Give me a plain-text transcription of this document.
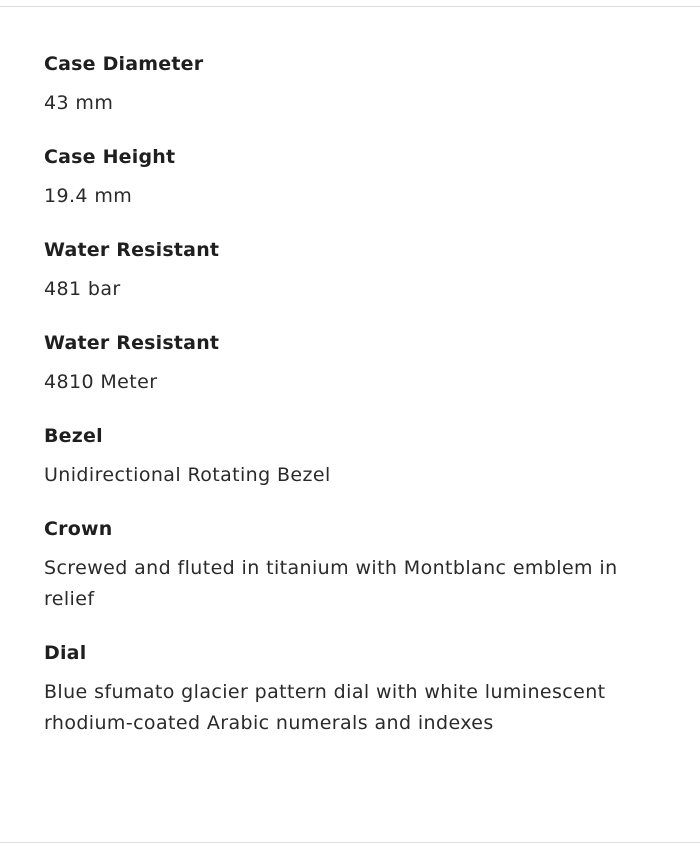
Case Diameter
43 mm
Case Height
19.4 mm
Water Resistant
481 bar
Water Resistant
4810 Meter
Bezel
Unidirectional Rotating Bezel
Crown
Screwed and fluted in titanium with Montblanc emblem in relief
Dial
Blue sfumato glacier pattern dial with white luminescent rhodium-coated Arabic numerals and indexes
